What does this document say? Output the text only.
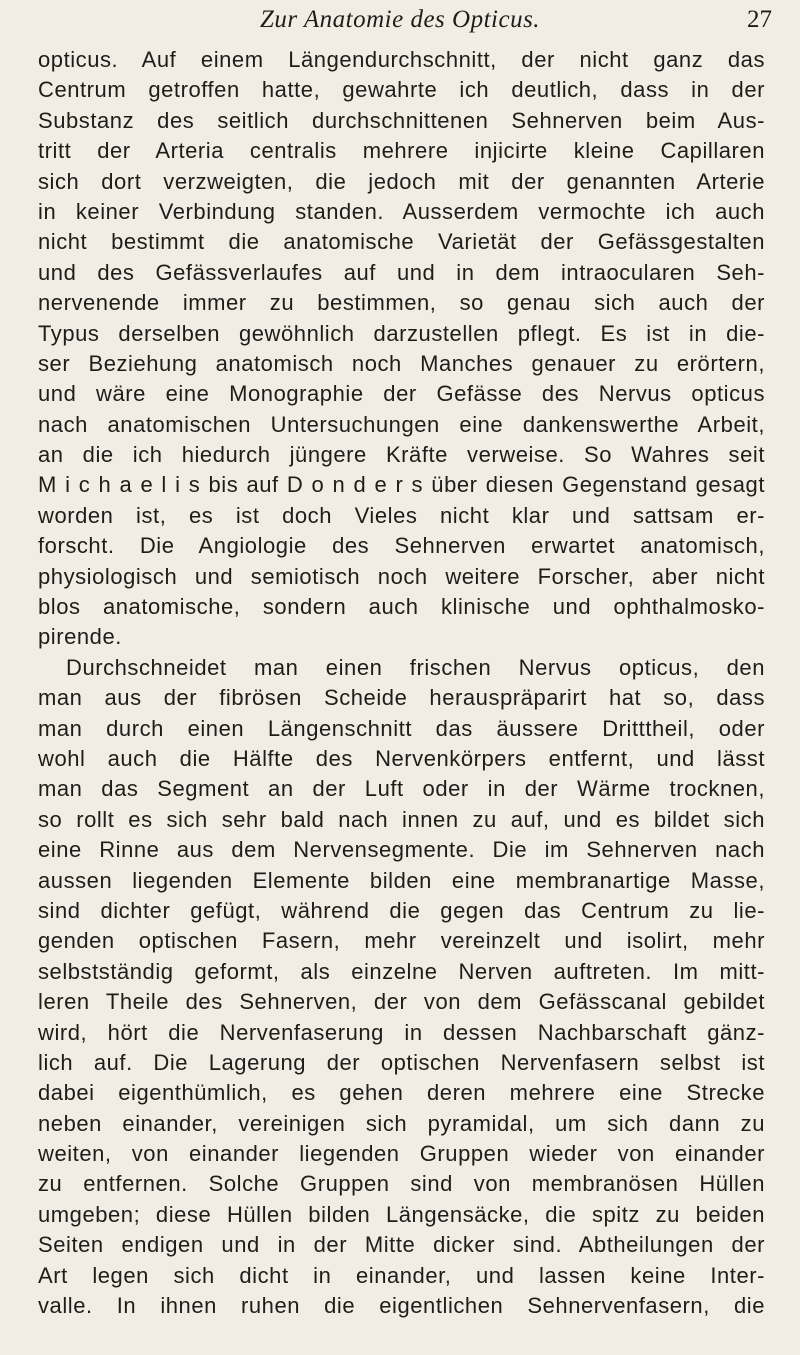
Zur Anatomie des Opticus.	27
opticus. Auf einem Längendurchschnitt, der nicht ganz das
Centrum getroffen hatte, gewahrte ich deutlich, dass in der
Substanz des seitlich durchschnittenen Sehnerven beim Aus-
tritt der Arteria centralis mehrere injicirte kleine Capillaren
sich dort verzweigten, die jedoch mit der genannten Arterie
in keiner Verbindung standen. Ausserdem vermochte ich auch
nicht bestimmt die anatomische Varietät der Gefässgestalten
und des Gefässverlaufes auf und in dem intraocularen Seh-
nervenende immer zu bestimmen, so genau sich auch der
Typus derselben gewöhnlich darzustellen pflegt. Es ist in die-
ser Beziehung anatomisch noch Manches genauer zu erörtern,
und wäre eine Monographie der Gefässe des Nervus opticus
nach anatomischen Untersuchungen eine dankenswerthe Arbeit,
an die ich hiedurch jüngere Kräfte verweise. So Wahres seit
M i c h a e l i s bis auf D o n d e r s über diesen Gegenstand gesagt
worden ist, es ist doch Vieles nicht klar und sattsam er-
forscht. Die Angiologie des Sehnerven erwartet anatomisch,
physiologisch und semiotisch noch weitere Forscher, aber nicht
blos anatomische, sondern auch klinische und ophthalmosko-
pirende.
Durchschneidet man einen frischen Nervus opticus, den
man aus der fibrösen Scheide herauspräparirt hat so, dass
man durch einen Längenschnitt das äussere Dritttheil, oder
wohl auch die Hälfte des Nervenkörpers entfernt, und lässt
man das Segment an der Luft oder in der Wärme trocknen,
so rollt es sich sehr bald nach innen zu auf, und es bildet sich
eine Rinne aus dem Nervensegmente. Die im Sehnerven nach
aussen liegenden Elemente bilden eine membranartige Masse,
sind dichter gefügt, während die gegen das Centrum zu lie-
genden optischen Fasern, mehr vereinzelt und isolirt, mehr
selbstständig geformt, als einzelne Nerven auftreten. Im mitt-
leren Theile des Sehnerven, der von dem Gefässcanal gebildet
wird, hört die Nervenfaserung in dessen Nachbarschaft gänz-
lich auf. Die Lagerung der optischen Nervenfasern selbst ist
dabei eigenthümlich, es gehen deren mehrere eine Strecke
neben einander, vereinigen sich pyramidal, um sich dann zu
weiten, von einander liegenden Gruppen wieder von einander
zu entfernen. Solche Gruppen sind von membranösen Hüllen
umgeben; diese Hüllen bilden Längensäcke, die spitz zu beiden
Seiten endigen und in der Mitte dicker sind. Abtheilungen der
Art legen sich dicht in einander, und lassen keine Inter-
valle. In ihnen ruhen die eigentlichen Sehnervenfasern, die
